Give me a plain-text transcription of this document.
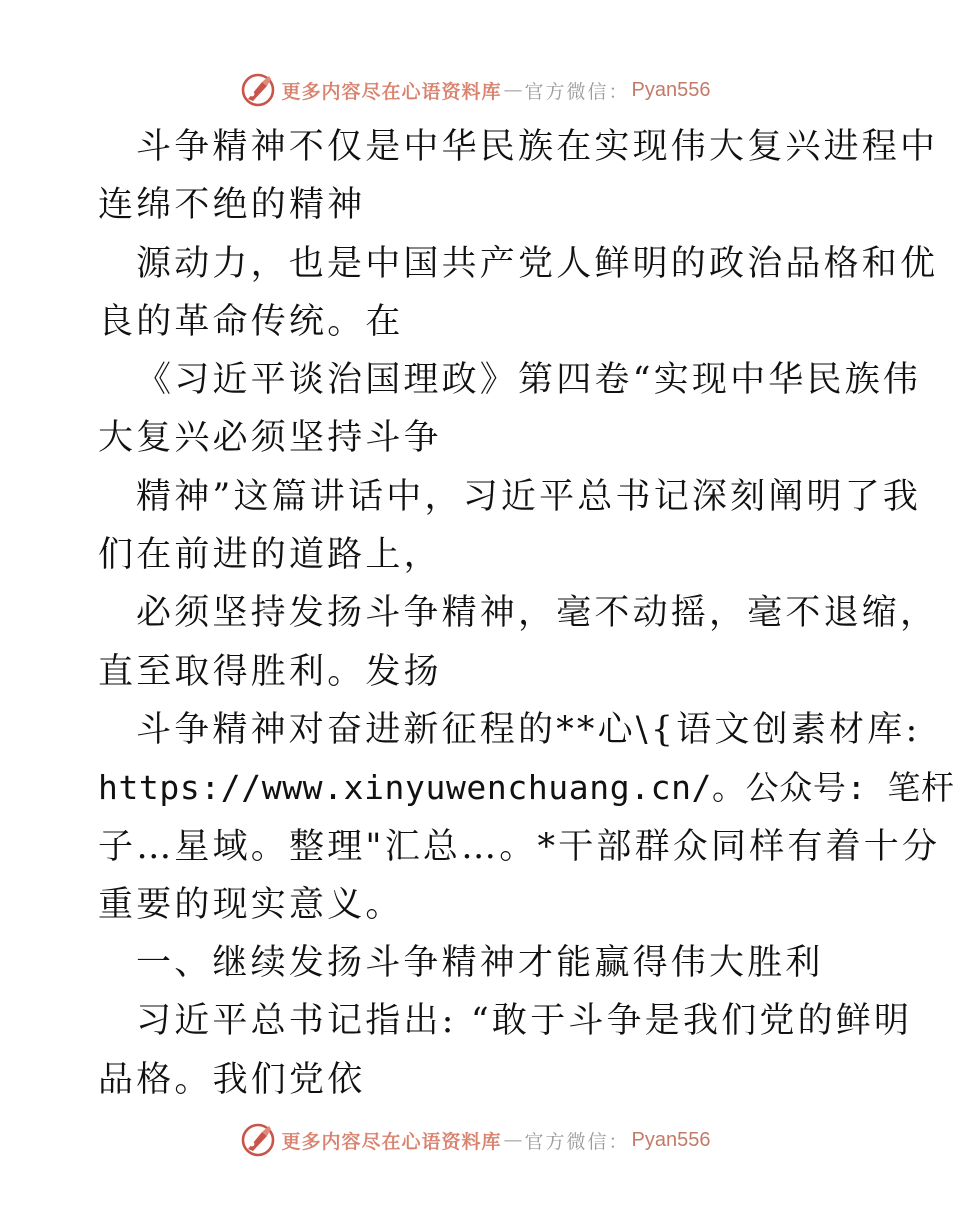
更多内容尽在心语资料库 — 官方微信： Pyan556
斗争精神不仅是中华民族在实现伟大复兴进程中
连绵不绝的精神
源动力，也是中国共产党人鲜明的政治品格和优
良的革命传统。在
《习近平谈治国理政》第四卷“实现中华民族伟
大复兴必须坚持斗争
精神”这篇讲话中，习近平总书记深刻阐明了我
们在前进的道路上，
必须坚持发扬斗争精神，毫不动摇，毫不退缩，
直至取得胜利。发扬
斗争精神对奋进新征程的**心\{语文创素材库:
https://www.xinyuwenchuang.cn/。公众号: 笔杆
子…星域。整理"汇总…。*干部群众同样有着十分
重要的现实意义。
一、继续发扬斗争精神才能赢得伟大胜利
习近平总书记指出: “敢于斗争是我们党的鲜明
品格。我们党依
更多内容尽在心语资料库 — 官方微信： Pyan556
